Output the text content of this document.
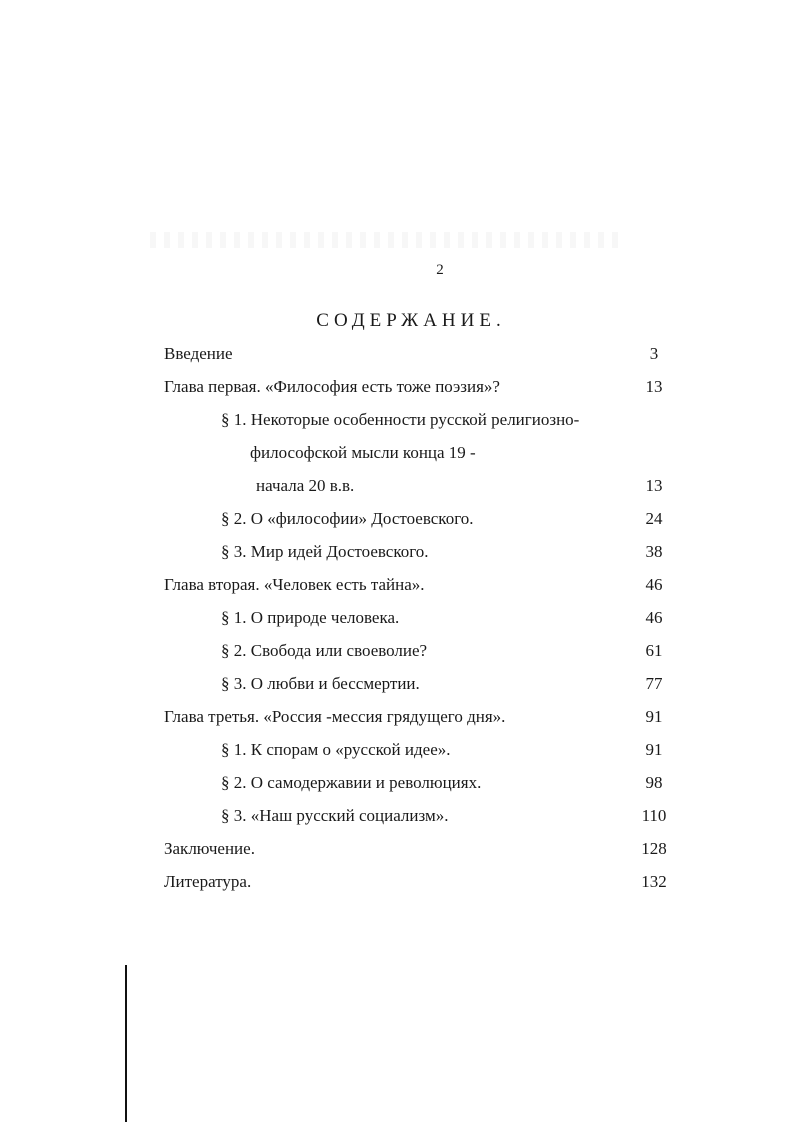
2
СОДЕРЖАНИЕ.
Введение	3
Глава первая. «Философия есть тоже поэзия»?	13
§ 1. Некоторые особенности русской религиозно-
философской мысли конца 19 -
начала 20 в.в.	13
§ 2. О «философии» Достоевского.	24
§ 3. Мир идей Достоевского.	38
Глава вторая. «Человек есть тайна».	46
§ 1. О природе человека.	46
§ 2. Свобода или своеволие?	61
§ 3. О любви и бессмертии.	77
Глава третья. «Россия -мессия грядущего дня».	91
§ 1. К спорам о «русской идее».	91
§ 2. О самодержавии и революциях.	98
§ 3. «Наш русский социализм».	110
Заключение.	128
Литература.	132
